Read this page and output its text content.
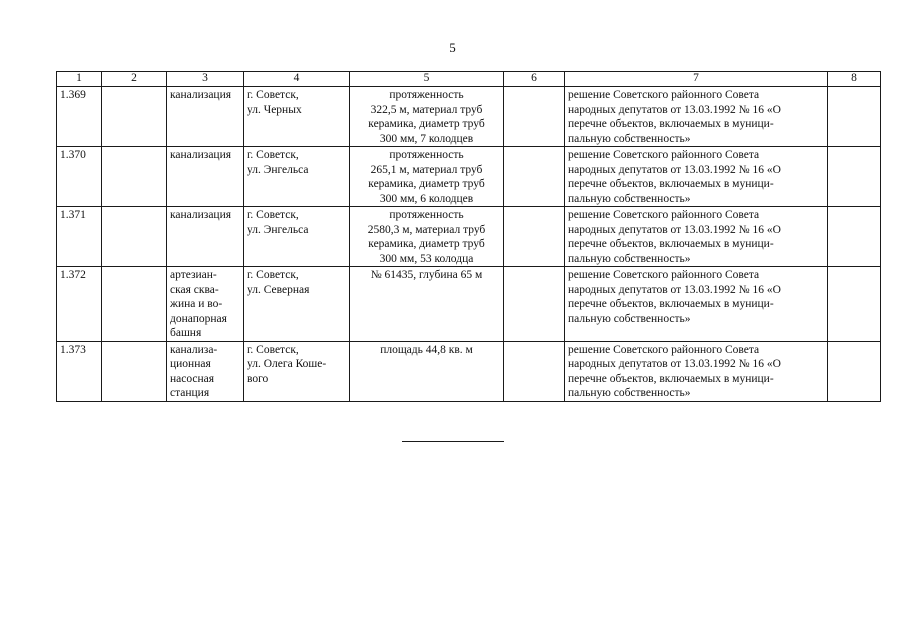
5
1	2	3	4	5	6	7	8
1.369		канализация	г. Советск,
ул. Черных	протяженность
322,5 м, материал труб
керамика, диаметр труб
300 мм, 7 колодцев		решение Советского районного Совета
народных депутатов от 13.03.1992 № 16 «О
перечне объектов, включаемых в муници-
пальную собственность»	

1.370		канализация	г. Советск,
ул. Энгельса	протяженность
265,1 м, материал труб
керамика, диаметр труб
300 мм, 6 колодцев		решение Советского районного Совета
народных депутатов от 13.03.1992 № 16 «О
перечне объектов, включаемых в муници-
пальную собственность»	

1.371		канализация	г. Советск,
ул. Энгельса	протяженность
2580,3 м, материал труб
керамика, диаметр труб
300 мм, 53 колодца		решение Советского районного Совета
народных депутатов от 13.03.1992 № 16 «О
перечне объектов, включаемых в муници-
пальную собственность»	

1.372		артезиан-
ская сква-
жина и во-
донапорная
башня	г. Советск,
ул. Северная	№ 61435, глубина 65 м		решение Советского районного Совета
народных депутатов от 13.03.1992 № 16 «О
перечне объектов, включаемых в муници-
пальную собственность»	

1.373		канализа-
ционная
насосная
станция	г. Советск,
ул. Олега Коше-
вого	площадь 44,8 кв. м		решение Советского районного Совета
народных депутатов от 13.03.1992 № 16 «О
перечне объектов, включаемых в муници-
пальную собственность»	
